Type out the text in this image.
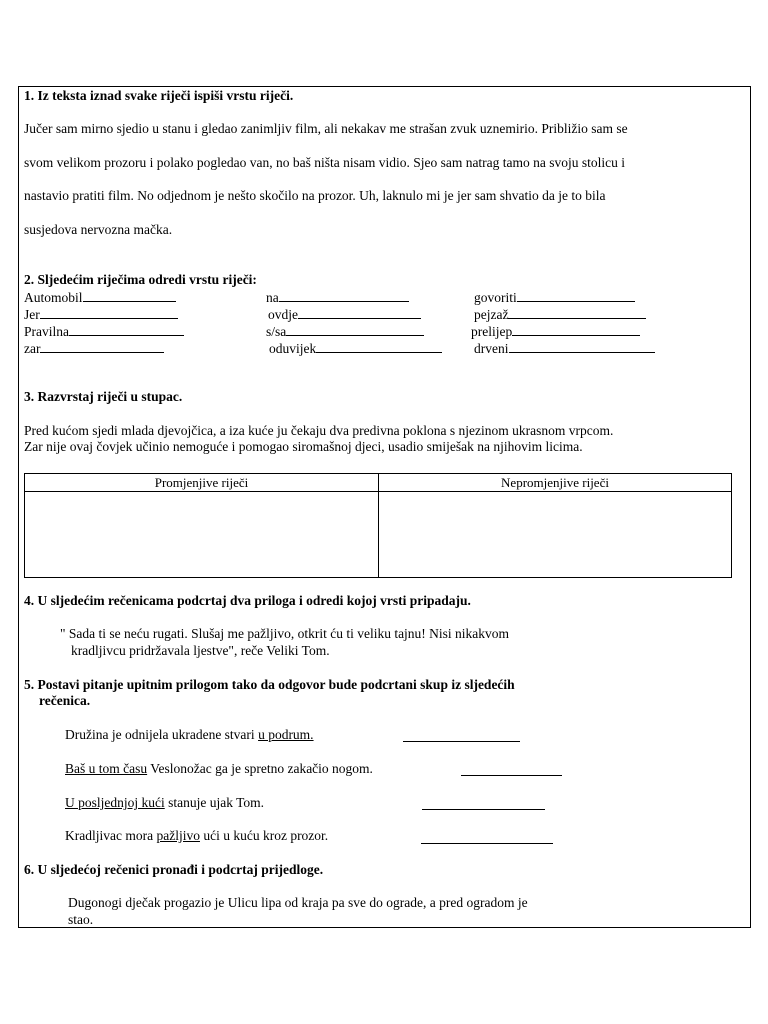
1. Iz teksta iznad svake riječi ispiši vrstu riječi.
Jučer sam mirno sjedio u stanu i gledao zanimljiv film, ali nekakav me strašan zvuk uznemirio. Približio sam se
svom velikom prozoru i polako pogledao van, no baš ništa nisam vidio. Sjeo sam natrag tamo na svoju stolicu i
nastavio pratiti film. No odjednom je nešto skočilo na prozor. Uh, laknulo mi je jer sam shvatio da je to bila
susjedova nervozna mačka.
2. Sljedećim riječima odredi vrstu riječi:
Automobil	na	govoriti
Jer	ovdje	pejzaž
Pravilna	s/sa	prelijep
zar	oduvijek	drveni
3. Razvrstaj riječi u stupac.
Pred kućom sjedi mlada djevojčica, a iza kuće ju čekaju dva predivna poklona s njezinom ukrasnom vrpcom.
Zar nije ovaj čovjek učinio nemoguće i pomogao siromašnoj djeci, usadio smiješak na njihovim licima.
Promjenjive riječi	Nepromjenjive riječi
4. U sljedećim rečenicama podcrtaj dva priloga i odredi kojoj vrsti pripadaju.
" Sada ti se neću rugati. Slušaj me pažljivo, otkrit ću ti veliku tajnu! Nisi nikakvom
kradljivcu pridržavala ljestve", reče Veliki Tom.
5. Postavi pitanje upitnim prilogom tako da odgovor bude podcrtani skup iz sljedećih
rečenica.
Družina je odnijela ukradene stvari u podrum.
Baš u tom času Veslonožac ga je spretno zakačio nogom.
U posljednjoj kući stanuje ujak Tom.
Kradljivac mora pažljivo ući u kuću kroz prozor.
6. U sljedećoj rečenici pronađi i podcrtaj prijedloge.
Dugonogi dječak progazio je Ulicu lipa od kraja pa sve do ograde, a pred ogradom je
stao.
